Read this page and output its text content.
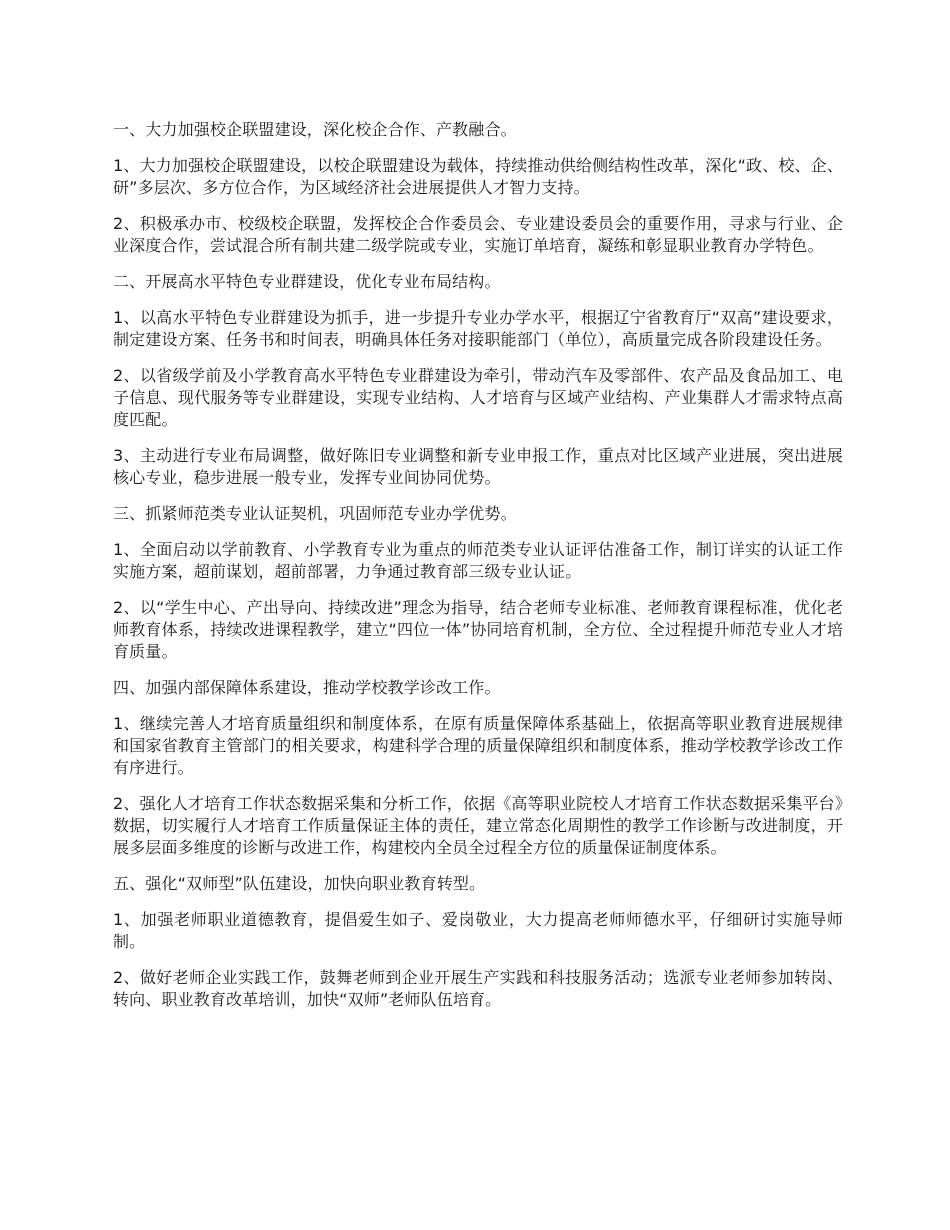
一、大力加强校企联盟建设，深化校企合作、产教融合。

1、大力加强校企联盟建设，以校企联盟建设为载体，持续推动供给侧结构性改革，深化“政、校、企、研”多层次、多方位合作，为区域经济社会进展提供人才智力支持。

2、积极承办市、校级校企联盟，发挥校企合作委员会、专业建设委员会的重要作用，寻求与行业、企业深度合作，尝试混合所有制共建二级学院或专业，实施订单培育，凝练和彰显职业教育办学特色。

二、开展高水平特色专业群建设，优化专业布局结构。

1、以高水平特色专业群建设为抓手，进一步提升专业办学水平，根据辽宁省教育厅“双高”建设要求，制定建设方案、任务书和时间表，明确具体任务对接职能部门（单位），高质量完成各阶段建设任务。

2、以省级学前及小学教育高水平特色专业群建设为牵引，带动汽车及零部件、农产品及食品加工、电子信息、现代服务等专业群建设，实现专业结构、人才培育与区域产业结构、产业集群人才需求特点高度匹配。

3、主动进行专业布局调整，做好陈旧专业调整和新专业申报工作，重点对比区域产业进展，突出进展核心专业，稳步进展一般专业，发挥专业间协同优势。

三、抓紧师范类专业认证契机，巩固师范专业办学优势。

1、全面启动以学前教育、小学教育专业为重点的师范类专业认证评估准备工作，制订详实的认证工作实施方案，超前谋划，超前部署，力争通过教育部三级专业认证。

2、以“学生中心、产出导向、持续改进”理念为指导，结合老师专业标准、老师教育课程标准，优化老师教育体系，持续改进课程教学，建立“四位一体”协同培育机制，全方位、全过程提升师范专业人才培育质量。

四、加强内部保障体系建设，推动学校教学诊改工作。

1、继续完善人才培育质量组织和制度体系，在原有质量保障体系基础上，依据高等职业教育进展规律和国家省教育主管部门的相关要求，构建科学合理的质量保障组织和制度体系，推动学校教学诊改工作有序进行。

2、强化人才培育工作状态数据采集和分析工作，依据《高等职业院校人才培育工作状态数据采集平台》数据，切实履行人才培育工作质量保证主体的责任，建立常态化周期性的教学工作诊断与改进制度，开展多层面多维度的诊断与改进工作，构建校内全员全过程全方位的质量保证制度体系。

五、强化“双师型”队伍建设，加快向职业教育转型。

1、加强老师职业道德教育，提倡爱生如子、爱岗敬业，大力提高老师师德水平，仔细研讨实施导师制。

2、做好老师企业实践工作，鼓舞老师到企业开展生产实践和科技服务活动；选派专业老师参加转岗、转向、职业教育改革培训，加快“双师”老师队伍培育。
